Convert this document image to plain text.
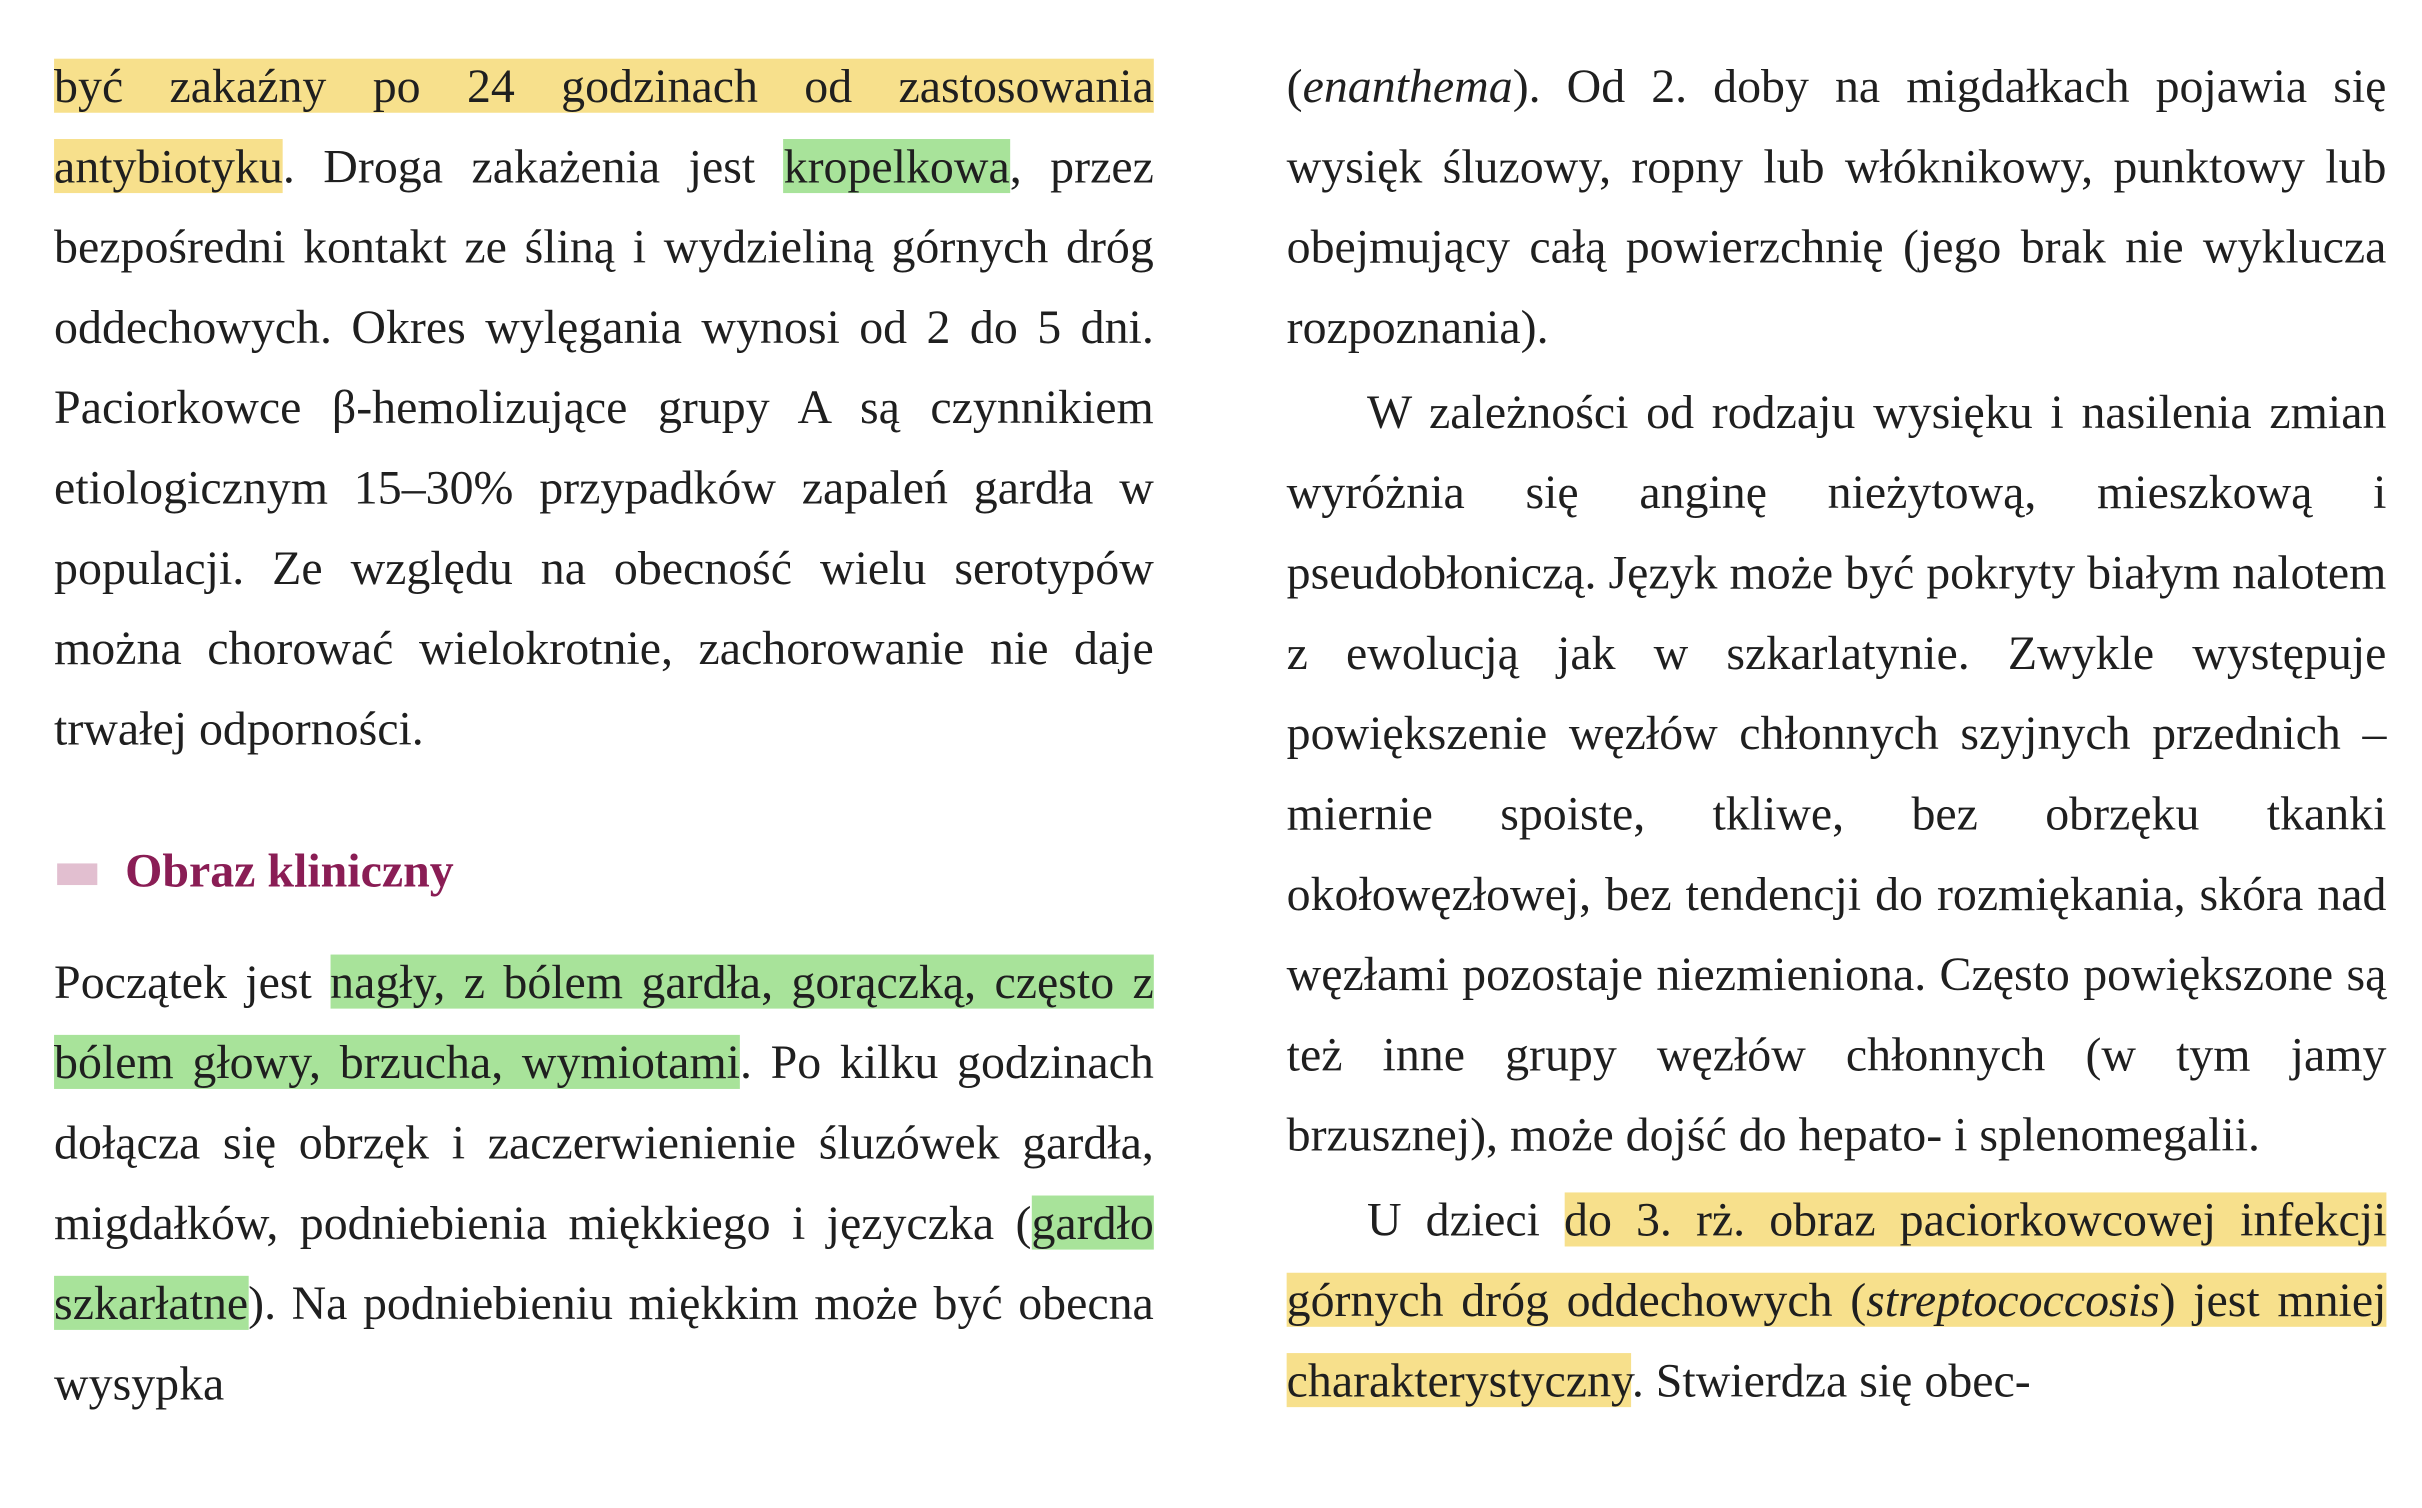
być zakaźny po 24 godzinach od zastosowania antybiotyku. Droga zakażenia jest kropelkowa, przez bezpośredni kontakt ze śliną i wydzieliną górnych dróg oddechowych. Okres wylęgania wynosi od 2 do 5 dni. Paciorkowce β-hemolizujące grupy A są czynnikiem etiologicznym 15–30% przypadków zapaleń gardła w populacji. Ze względu na obecność wielu serotypów można chorować wielokrotnie, zachorowanie nie daje trwałej odporności.

Obraz kliniczny

Początek jest nagły, z bólem gardła, gorączką, często z bólem głowy, brzucha, wymiotami. Po kilku godzinach dołącza się obrzęk i zaczerwienienie śluzówek gardła, migdałków, podniebienia miękkiego i języczka (gardło szkarłatne). Na podniebieniu miękkim może być obecna wysypka

(enanthema). Od 2. doby na migdałkach pojawia się wysięk śluzowy, ropny lub włóknikowy, punktowy lub obejmujący całą powierzchnię (jego brak nie wyklucza rozpoznania).

W zależności od rodzaju wysięku i nasilenia zmian wyróżnia się anginę nieżytową, mieszkową i pseudobłoniczą. Język może być pokryty białym nalotem z ewolucją jak w szkarlatynie. Zwykle występuje powiększenie węzłów chłonnych szyjnych przednich – miernie spoiste, tkliwe, bez obrzęku tkanki okołowęzłowej, bez tendencji do rozmiękania, skóra nad węzłami pozostaje niezmieniona. Często powiększone są też inne grupy węzłów chłonnych (w tym jamy brzusznej), może dojść do hepato- i splenomegalii.

U dzieci do 3. rż. obraz paciorkowcowej infekcji górnych dróg oddechowych (streptococcosis) jest mniej charakterystyczny. Stwierdza się obec-
